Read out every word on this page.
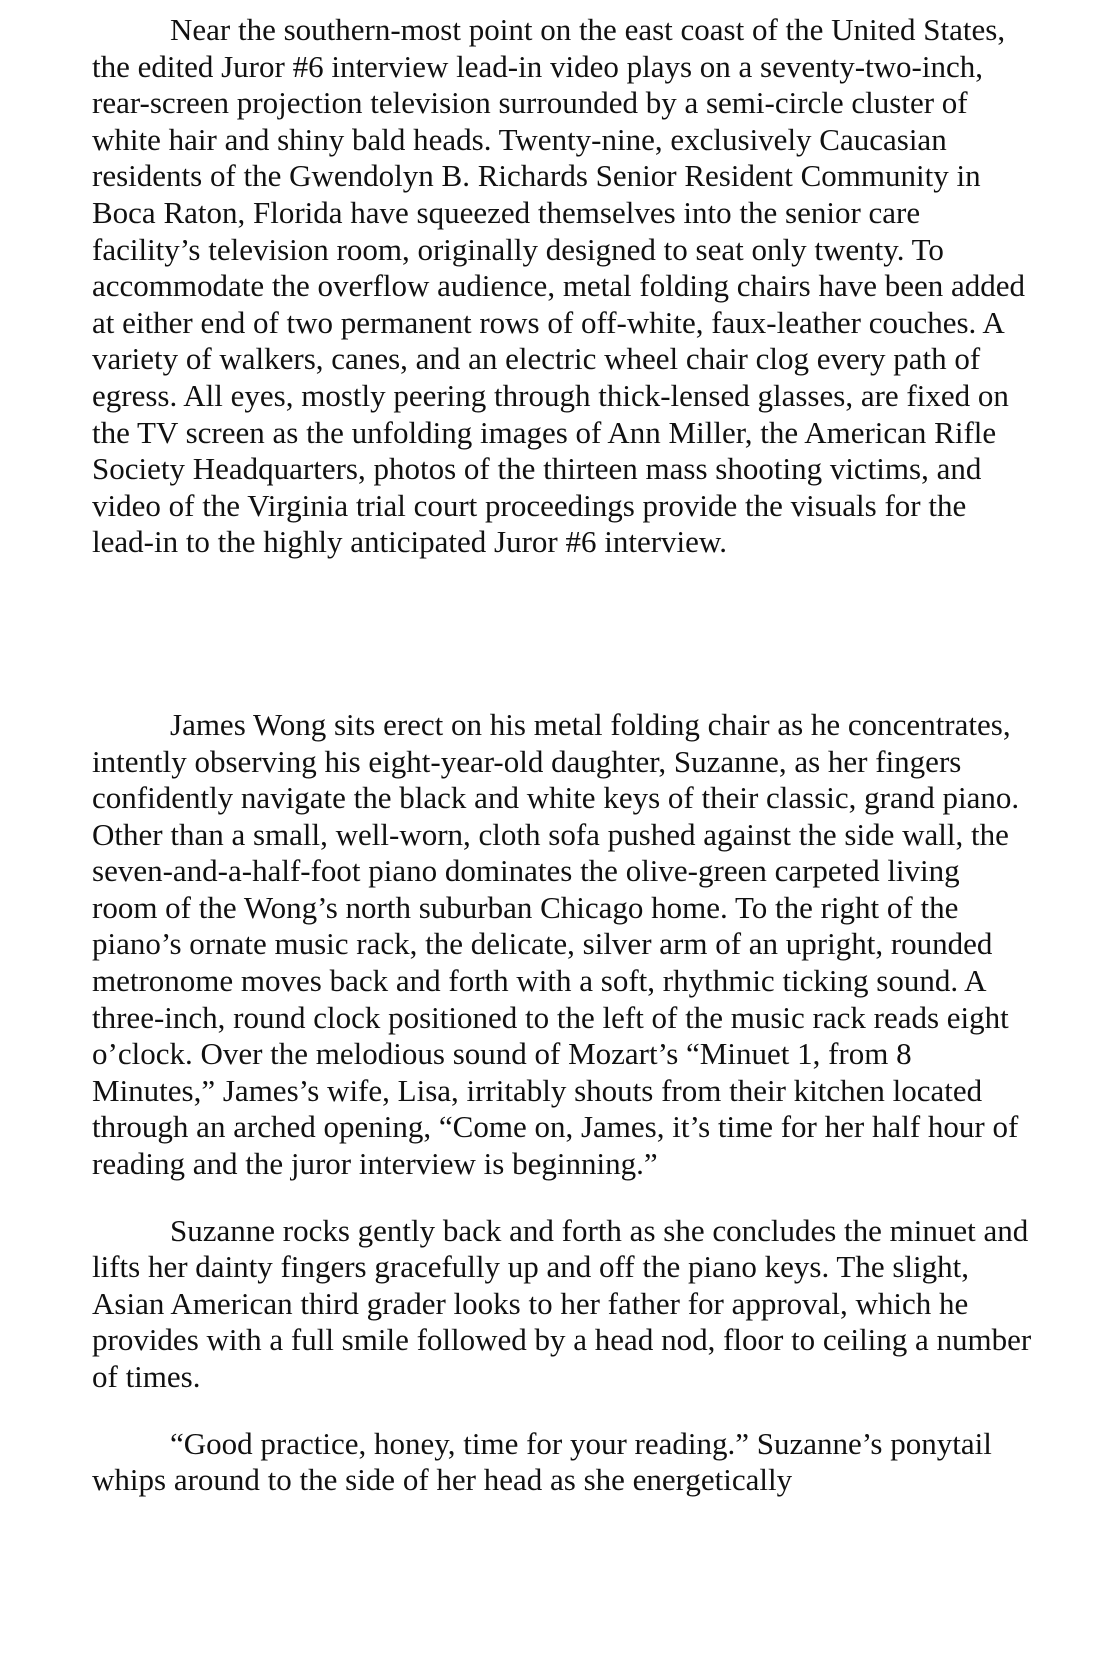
Near the southern-most point on the east coast of the United States, the edited Juror #6 interview lead-in video plays on a seventy-two-inch, rear-screen projection television surrounded by a semi-circle cluster of white hair and shiny bald heads. Twenty-nine, exclusively Caucasian residents of the Gwendolyn B. Richards Senior Resident Community in Boca Raton, Florida have squeezed themselves into the senior care facility’s television room, originally designed to seat only twenty. To accommodate the overflow audience, metal folding chairs have been added at either end of two permanent rows of off-white, faux-leather couches. A variety of walkers, canes, and an electric wheel chair clog every path of egress. All eyes, mostly peering through thick-lensed glasses, are fixed on the TV screen as the unfolding images of Ann Miller, the American Rifle Society Headquarters, photos of the thirteen mass shooting victims, and video of the Virginia trial court proceedings provide the visuals for the lead-in to the highly anticipated Juror #6 interview.

James Wong sits erect on his metal folding chair as he concentrates, intently observing his eight-year-old daughter, Suzanne, as her fingers confidently navigate the black and white keys of their classic, grand piano. Other than a small, well-worn, cloth sofa pushed against the side wall, the seven-and-a-half-foot piano dominates the olive-green carpeted living room of the Wong’s north suburban Chicago home. To the right of the piano’s ornate music rack, the delicate, silver arm of an upright, rounded metronome moves back and forth with a soft, rhythmic ticking sound. A three-inch, round clock positioned to the left of the music rack reads eight o’clock. Over the melodious sound of Mozart’s “Minuet 1, from 8 Minutes,” James’s wife, Lisa, irritably shouts from their kitchen located through an arched opening, “Come on, James, it’s time for her half hour of reading and the juror interview is beginning.”

Suzanne rocks gently back and forth as she concludes the minuet and lifts her dainty fingers gracefully up and off the piano keys. The slight, Asian American third grader looks to her father for approval, which he provides with a full smile followed by a head nod, floor to ceiling a number of times.

“Good practice, honey, time for your reading.” Suzanne’s ponytail whips around to the side of her head as she energetically
